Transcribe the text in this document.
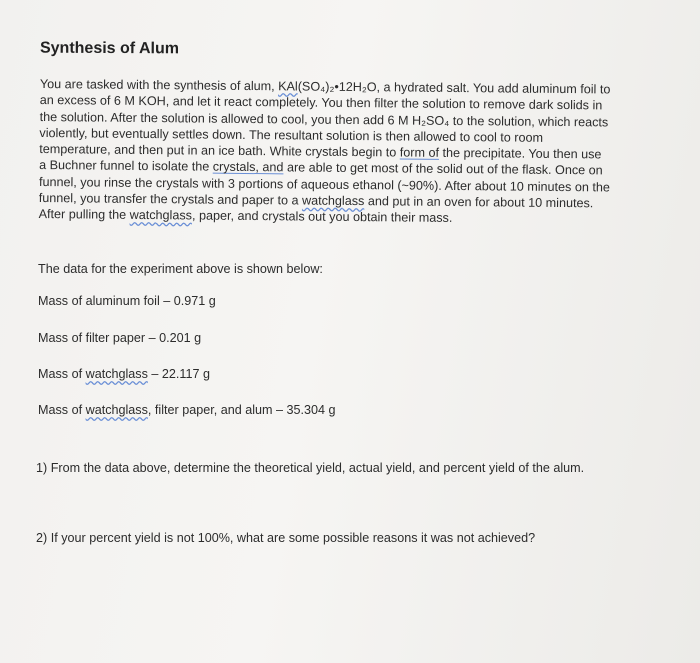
Synthesis of Alum
You are tasked with the synthesis of alum, KAl(SO₄)₂•12H₂O, a hydrated salt. You add aluminum foil to
an excess of 6 M KOH, and let it react completely. You then filter the solution to remove dark solids in
the solution. After the solution is allowed to cool, you then add 6 M H₂SO₄ to the solution, which reacts
violently, but eventually settles down. The resultant solution is then allowed to cool to room
temperature, and then put in an ice bath. White crystals begin to form of the precipitate. You then use
a Buchner funnel to isolate the crystals, and are able to get most of the solid out of the flask. Once on
funnel, you rinse the crystals with 3 portions of aqueous ethanol (~90%). After about 10 minutes on the
funnel, you transfer the crystals and paper to a watchglass and put in an oven for about 10 minutes.
After pulling the watchglass, paper, and crystals out you obtain their mass.
The data for the experiment above is shown below:
Mass of aluminum foil – 0.971 g
Mass of filter paper – 0.201 g
Mass of watchglass – 22.117 g
Mass of watchglass, filter paper, and alum – 35.304 g
1) From the data above, determine the theoretical yield, actual yield, and percent yield of the alum.
2) If your percent yield is not 100%, what are some possible reasons it was not achieved?
